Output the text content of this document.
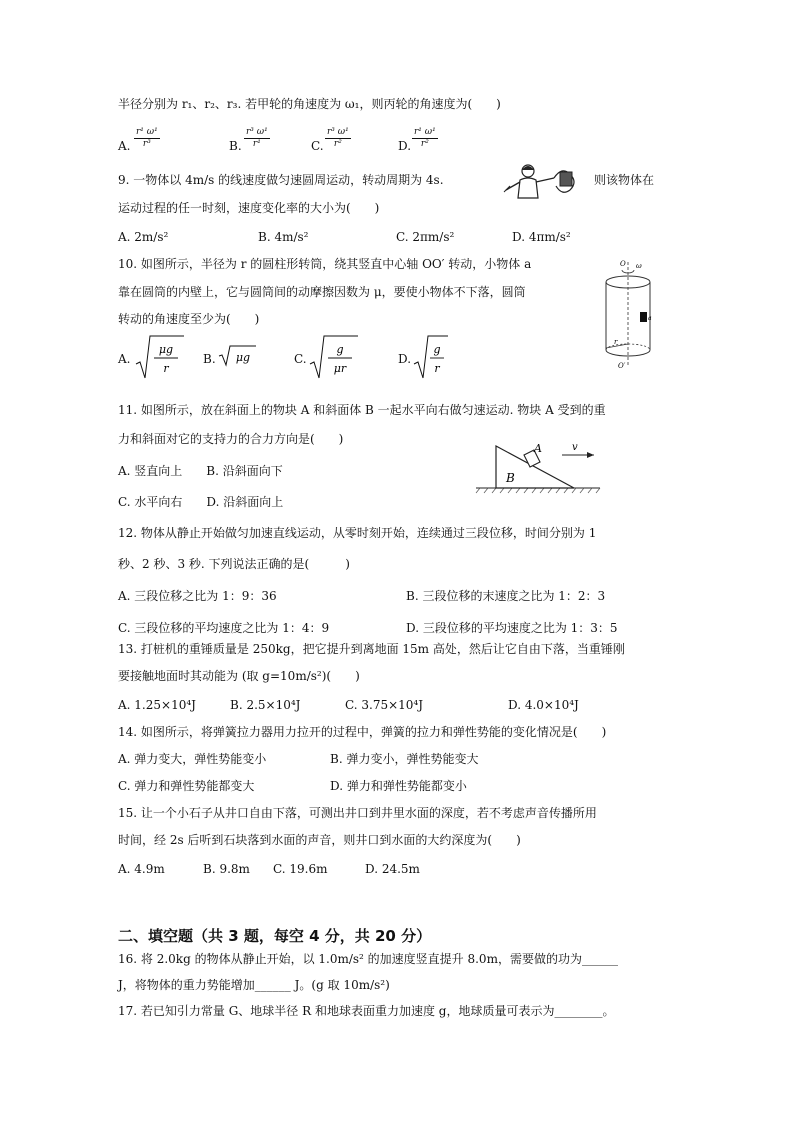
半径分别为 r₁、r₂、r₃. 若甲轮的角速度为 ω₁，则丙轮的角速度为(　　)
A. $\frac{\text{r¹ ω¹}}{\text{r³}}$	B. $\frac{\text{r³ ω¹}}{\text{r¹}}$	C. $\frac{\text{r³ ω¹}}{\text{r²}}$	D. $\frac{\text{r¹ ω¹}}{\text{r²}}$
9. 一物体以 4m/s 的线速度做匀速圆周运动，转动周期为 4s.	则该物体在
运动过程的任一时刻，速度变化率的大小为(　　)
A. 2m/s²	B. 4m/s²	C. 2πm/s²	D. 4πm/s²
10. 如图所示，半径为 r 的圆柱形转筒，绕其竖直中心轴 OO′ 转动，小物体 a
靠在圆筒的内壁上，它与圆筒间的动摩擦因数为 μ，要使小物体不下落，圆筒
转动的角速度至少为(　　)
O ω
a
r
O′
A.
μg
r
B. μg	C.
g
μr
D.
g
r
11. 如图所示，放在斜面上的物块 A 和斜面体 B 一起水平向右做匀速运动. 物块 A 受到的重
力和斜面对它的支持力的合力方向是(　　)
A. 竖直向上　　B. 沿斜面向下
C. 水平向右　　D. 沿斜面向上
A
B
v
12. 物体从静止开始做匀加速直线运动，从零时刻开始，连续通过三段位移，时间分别为 1
秒、2 秒、3 秒. 下列说法正确的是(　　　)
A. 三段位移之比为 1：9：36	B. 三段位移的末速度之比为 1：2：3
C. 三段位移的平均速度之比为 1：4：9	D. 三段位移的平均速度之比为 1：3：5
13. 打桩机的重锤质量是 250kg，把它提升到离地面 15m 高处，然后让它自由下落，当重锤刚
要接触地面时其动能为 (取 g=10m/s²)(　　)
A. 1.25×10⁴J	B. 2.5×10⁴J	C. 3.75×10⁴J	D. 4.0×10⁴J
14. 如图所示，将弹簧拉力器用力拉开的过程中，弹簧的拉力和弹性势能的变化情况是(　　)
A. 弹力变大，弹性势能变小	B. 弹力变小，弹性势能变大
C. 弹力和弹性势能都变大	D. 弹力和弹性势能都变小
15. 让一个小石子从井口自由下落，可测出井口到井里水面的深度，若不考虑声音传播所用
时间，经 2s 后听到石块落到水面的声音，则井口到水面的大约深度为(　　)
A. 4.9m	B. 9.8m C. 19.6m	D. 24.5m
二、填空题（共 3 题，每空 4 分，共 20 分）
16. 将 2.0kg 的物体从静止开始，以 1.0m/s² 的加速度竖直提升 8.0m，需要做的功为______
J，将物体的重力势能增加______ J。(g 取 10m/s²)
17. 若已知引力常量 G、地球半径 R 和地球表面重力加速度 g，地球质量可表示为________。
